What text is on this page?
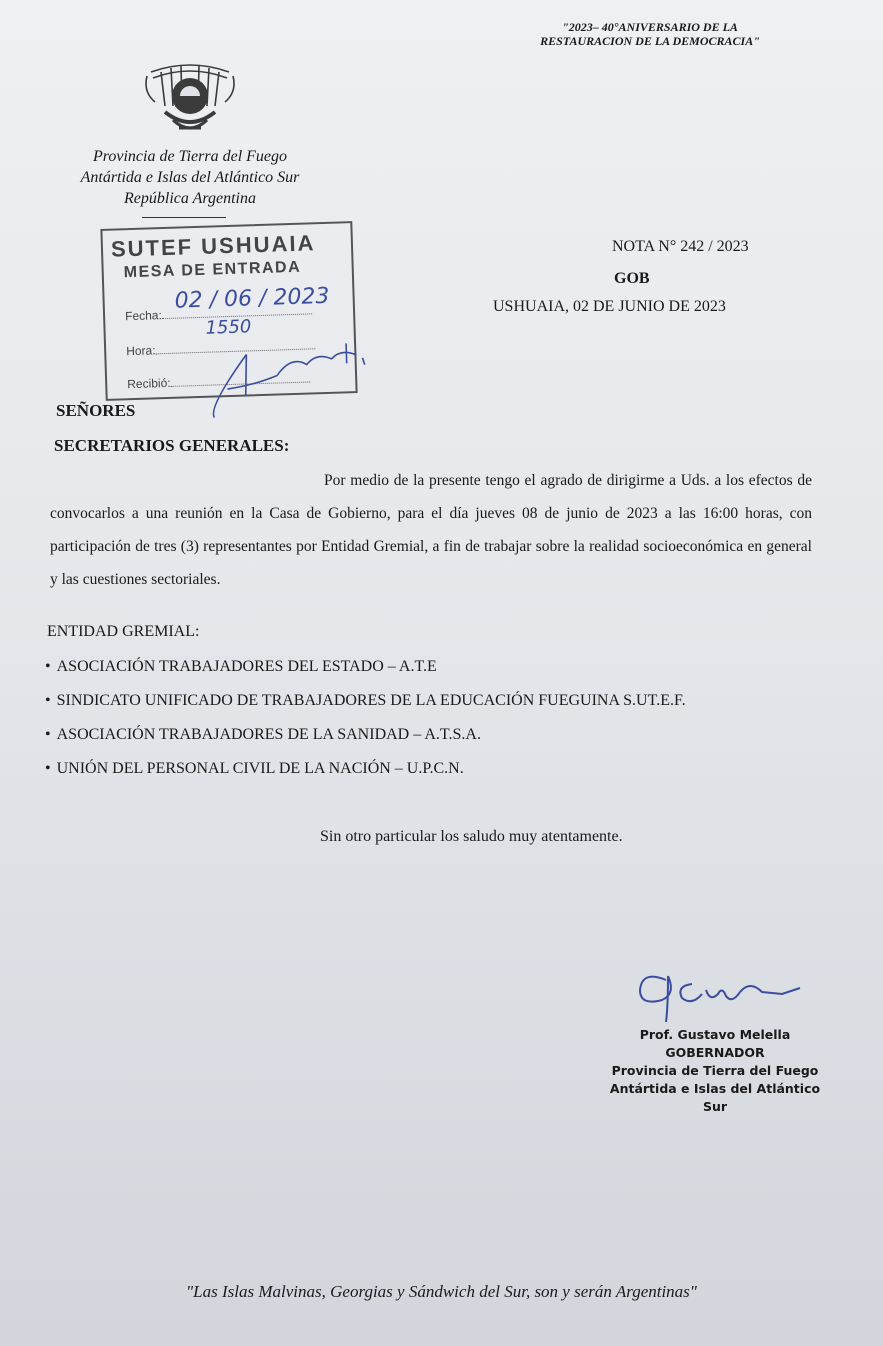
"2023– 40°ANIVERSARIO DE LA
RESTAURACION DE LA DEMOCRACIA"
Provincia de Tierra del Fuego
Antártida e Islas del Atlántico Sur
República Argentina
SUTEF USHUAIA
MESA DE ENTRADA
Fecha:
02 / 06 / 2023
Hora:
1550
Recibió:
NOTA N° 242 / 2023
GOB
USHUAIA, 02 DE JUNIO DE 2023
SEÑORES
SECRETARIOS GENERALES:
Por medio de la presente tengo el agrado de dirigirme a Uds. a los efectos de convocarlos a una reunión en la Casa de Gobierno, para el día jueves 08 de junio de 2023 a las 16:00 horas, con participación de tres (3) representantes por Entidad Gremial, a fin de trabajar sobre la realidad socioeconómica en general y las cuestiones sectoriales.
ENTIDAD GREMIAL:
• ASOCIACIÓN TRABAJADORES DEL ESTADO – A.T.E
• SINDICATO UNIFICADO DE TRABAJADORES DE LA EDUCACIÓN FUEGUINA S.UT.E.F.
• ASOCIACIÓN TRABAJADORES DE LA SANIDAD – A.T.S.A.
• UNIÓN DEL PERSONAL CIVIL DE LA NACIÓN – U.P.C.N.
Sin otro particular los saludo muy atentamente.
Prof. Gustavo Melella
GOBERNADOR
Provincia de Tierra del Fuego
Antártida e Islas del Atlántico Sur
"Las Islas Malvinas, Georgias y Sándwich del Sur, son y serán Argentinas"
